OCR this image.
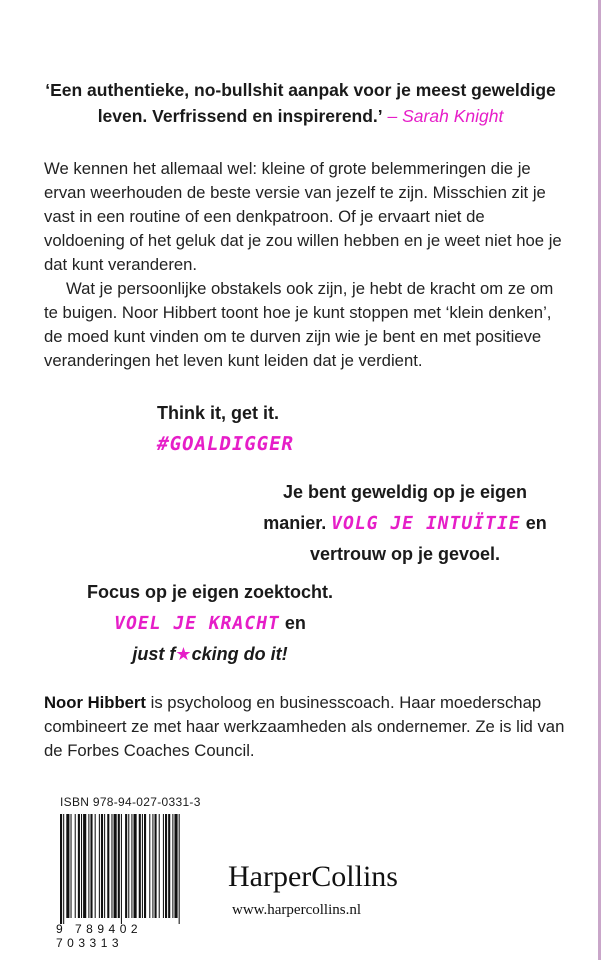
‘Een authentieke, no-bullshit aanpak voor je meest geweldige
leven. Verfrissend en inspirerend.’ – Sarah Knight

We kennen het allemaal wel: kleine of grote belemmeringen die je ervan weerhouden de beste versie van jezelf te zijn. Misschien zit je vast in een routine of een denkpatroon. Of je ervaart niet de voldoening of het geluk dat je zou willen hebben en je weet niet hoe je dat kunt veranderen.

Wat je persoonlijke obstakels ook zijn, je hebt de kracht om ze om te buigen. Noor Hibbert toont hoe je kunt stoppen met ‘klein denken’, de moed kunt vinden om te durven zijn wie je bent en met positieve veranderingen het leven kunt leiden dat je verdient.

Think it, get it.
#GOALDIGGER
Je bent geweldig op je eigen
manier. VOLG JE INTUÏTIE en
vertrouw op je gevoel.
Focus op je eigen zoektocht.
VOEL JE KRACHT en
just f★cking do it!
Noor Hibbert is psycholoog en businesscoach. Haar moederschap combineert ze met haar werkzaamheden als ondernemer. Ze is lid van de Forbes Coaches Council.
ISBN 978-94-027-0331-3
9 789402 703313
HarperCollins
www.harpercollins.nl
